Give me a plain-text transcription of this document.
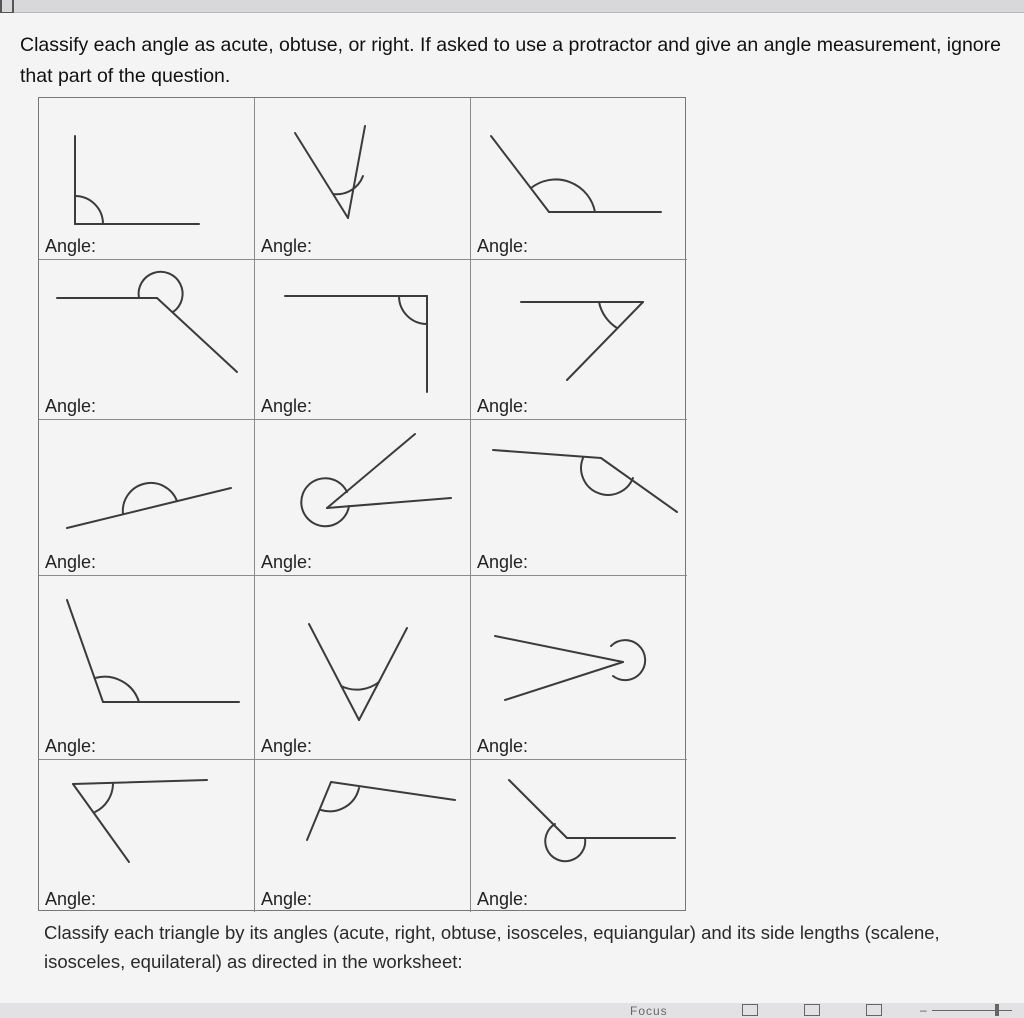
Classify each angle as acute, obtuse, or right. If asked to use a protractor and give an angle measurement, ignore that part of the question.
Angle:	Angle:	Angle:
Angle:	Angle:	Angle:
Angle:	Angle:	Angle:
Angle:	Angle:	Angle:
Angle:	Angle:	Angle:
Classify each triangle by its angles (acute, right, obtuse, isosceles, equiangular) and its side lengths (scalene, isosceles, equilateral) as directed in the worksheet:
Focus	–
